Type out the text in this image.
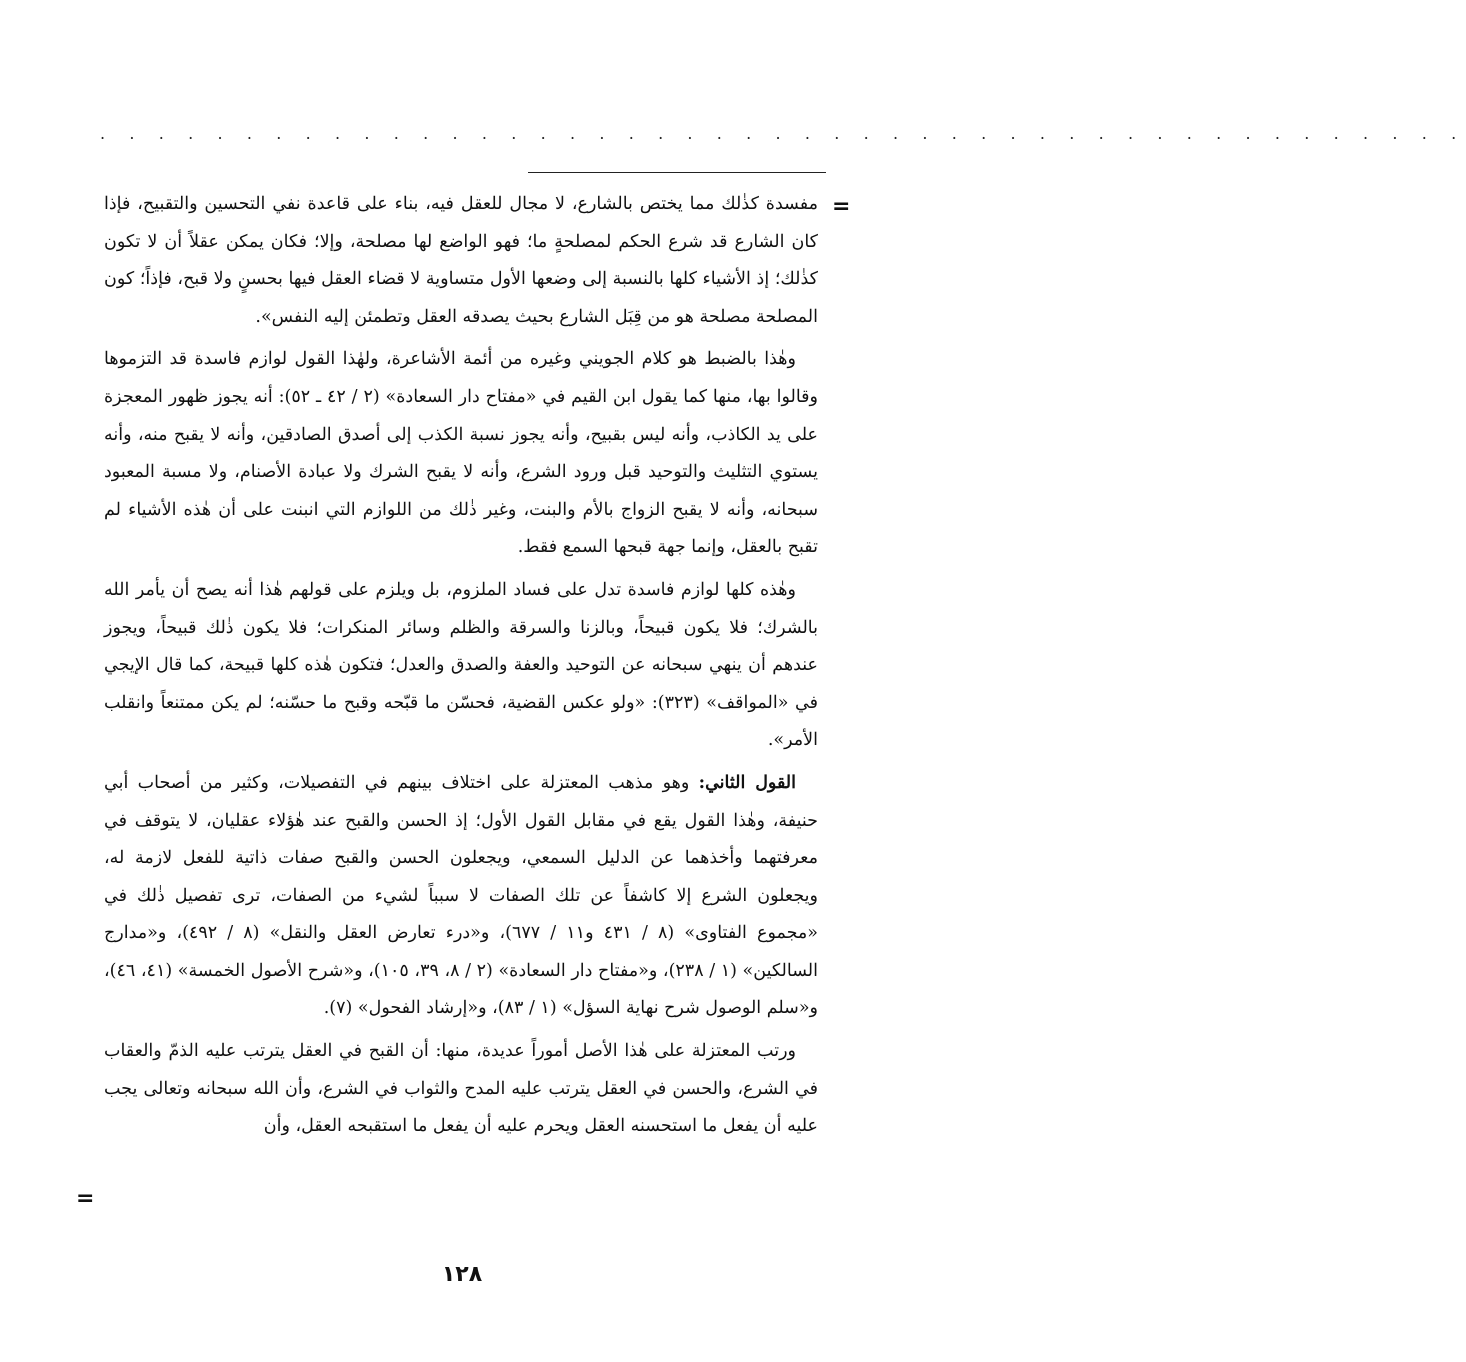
. . . . . . . . . . . . . . . . . . . . . . . . . . . . . . . . . . . . . . . . . . . . . . .
=

مفسدة كذٰلك مما يختص بالشارع، لا مجال للعقل فيه، بناء على قاعدة نفي التحسين والتقبيح، فإذا كان الشارع قد شرع الحكم لمصلحةٍ ما؛ فهو الواضع لها مصلحة، وإلا؛ فكان يمكن عقلاً أن لا تكون كذٰلك؛ إذ الأشياء كلها بالنسبة إلى وضعها الأول متساوية لا قضاء العقل فيها بحسنٍ ولا قبح، فإذاً؛ كون المصلحة مصلحة هو من قِبَل الشارع بحيث يصدقه العقل وتطمئن إليه النفس».

وهٰذا بالضبط هو كلام الجويني وغيره من أئمة الأشاعرة، ولهٰذا القول لوازم فاسدة قد التزموها وقالوا بها، منها كما يقول ابن القيم في «مفتاح دار السعادة» (٢ / ٤٢ ـ ٥٢): أنه يجوز ظهور المعجزة على يد الكاذب، وأنه ليس بقبيح، وأنه يجوز نسبة الكذب إلى أصدق الصادقين، وأنه لا يقبح منه، وأنه يستوي التثليث والتوحيد قبل ورود الشرع، وأنه لا يقبح الشرك ولا عبادة الأصنام، ولا مسبة المعبود سبحانه، وأنه لا يقبح الزواج بالأم والبنت، وغير ذٰلك من اللوازم التي انبنت على أن هٰذه الأشياء لم تقبح بالعقل، وإنما جهة قبحها السمع فقط.

وهٰذه كلها لوازم فاسدة تدل على فساد الملزوم، بل ويلزم على قولهم هٰذا أنه يصح أن يأمر الله بالشرك؛ فلا يكون قبيحاً، وبالزنا والسرقة والظلم وسائر المنكرات؛ فلا يكون ذٰلك قبيحاً، ويجوز عندهم أن ينهي سبحانه عن التوحيد والعفة والصدق والعدل؛ فتكون هٰذه كلها قبيحة، كما قال الإيجي في «المواقف» (٣٢٣): «ولو عكس القضية، فحسّن ما قبّحه وقبح ما حسّنه؛ لم يكن ممتنعاً وانقلب الأمر».

القول الثاني: وهو مذهب المعتزلة على اختلاف بينهم في التفصيلات، وكثير من أصحاب أبي حنيفة، وهٰذا القول يقع في مقابل القول الأول؛ إذ الحسن والقبح عند هٰؤلاء عقليان، لا يتوقف في معرفتهما وأخذهما عن الدليل السمعي، ويجعلون الحسن والقبح صفات ذاتية للفعل لازمة له، ويجعلون الشرع إلا كاشفاً عن تلك الصفات لا سبباً لشيء من الصفات، ترى تفصيل ذٰلك في «مجموع الفتاوى» (٨ / ٤٣١ و١١ / ٦٧٧)، و«درء تعارض العقل والنقل» (٨ / ٤٩٢)، و«مدارج السالكين» (١ / ٢٣٨)، و«مفتاح دار السعادة» (٢ / ٨، ٣٩، ١٠٥)، و«شرح الأصول الخمسة» (٤١، ٤٦)، و«سلم الوصول شرح نهاية السؤل» (١ / ٨٣)، و«إرشاد الفحول» (٧).

ورتب المعتزلة على هٰذا الأصل أموراً عديدة، منها: أن القبح في العقل يترتب عليه الذمّ والعقاب في الشرع، والحسن في العقل يترتب عليه المدح والثواب في الشرع، وأن الله سبحانه وتعالى يجب عليه أن يفعل ما استحسنه العقل ويحرم عليه أن يفعل ما استقبحه العقل، وأن

=
١٢٨
